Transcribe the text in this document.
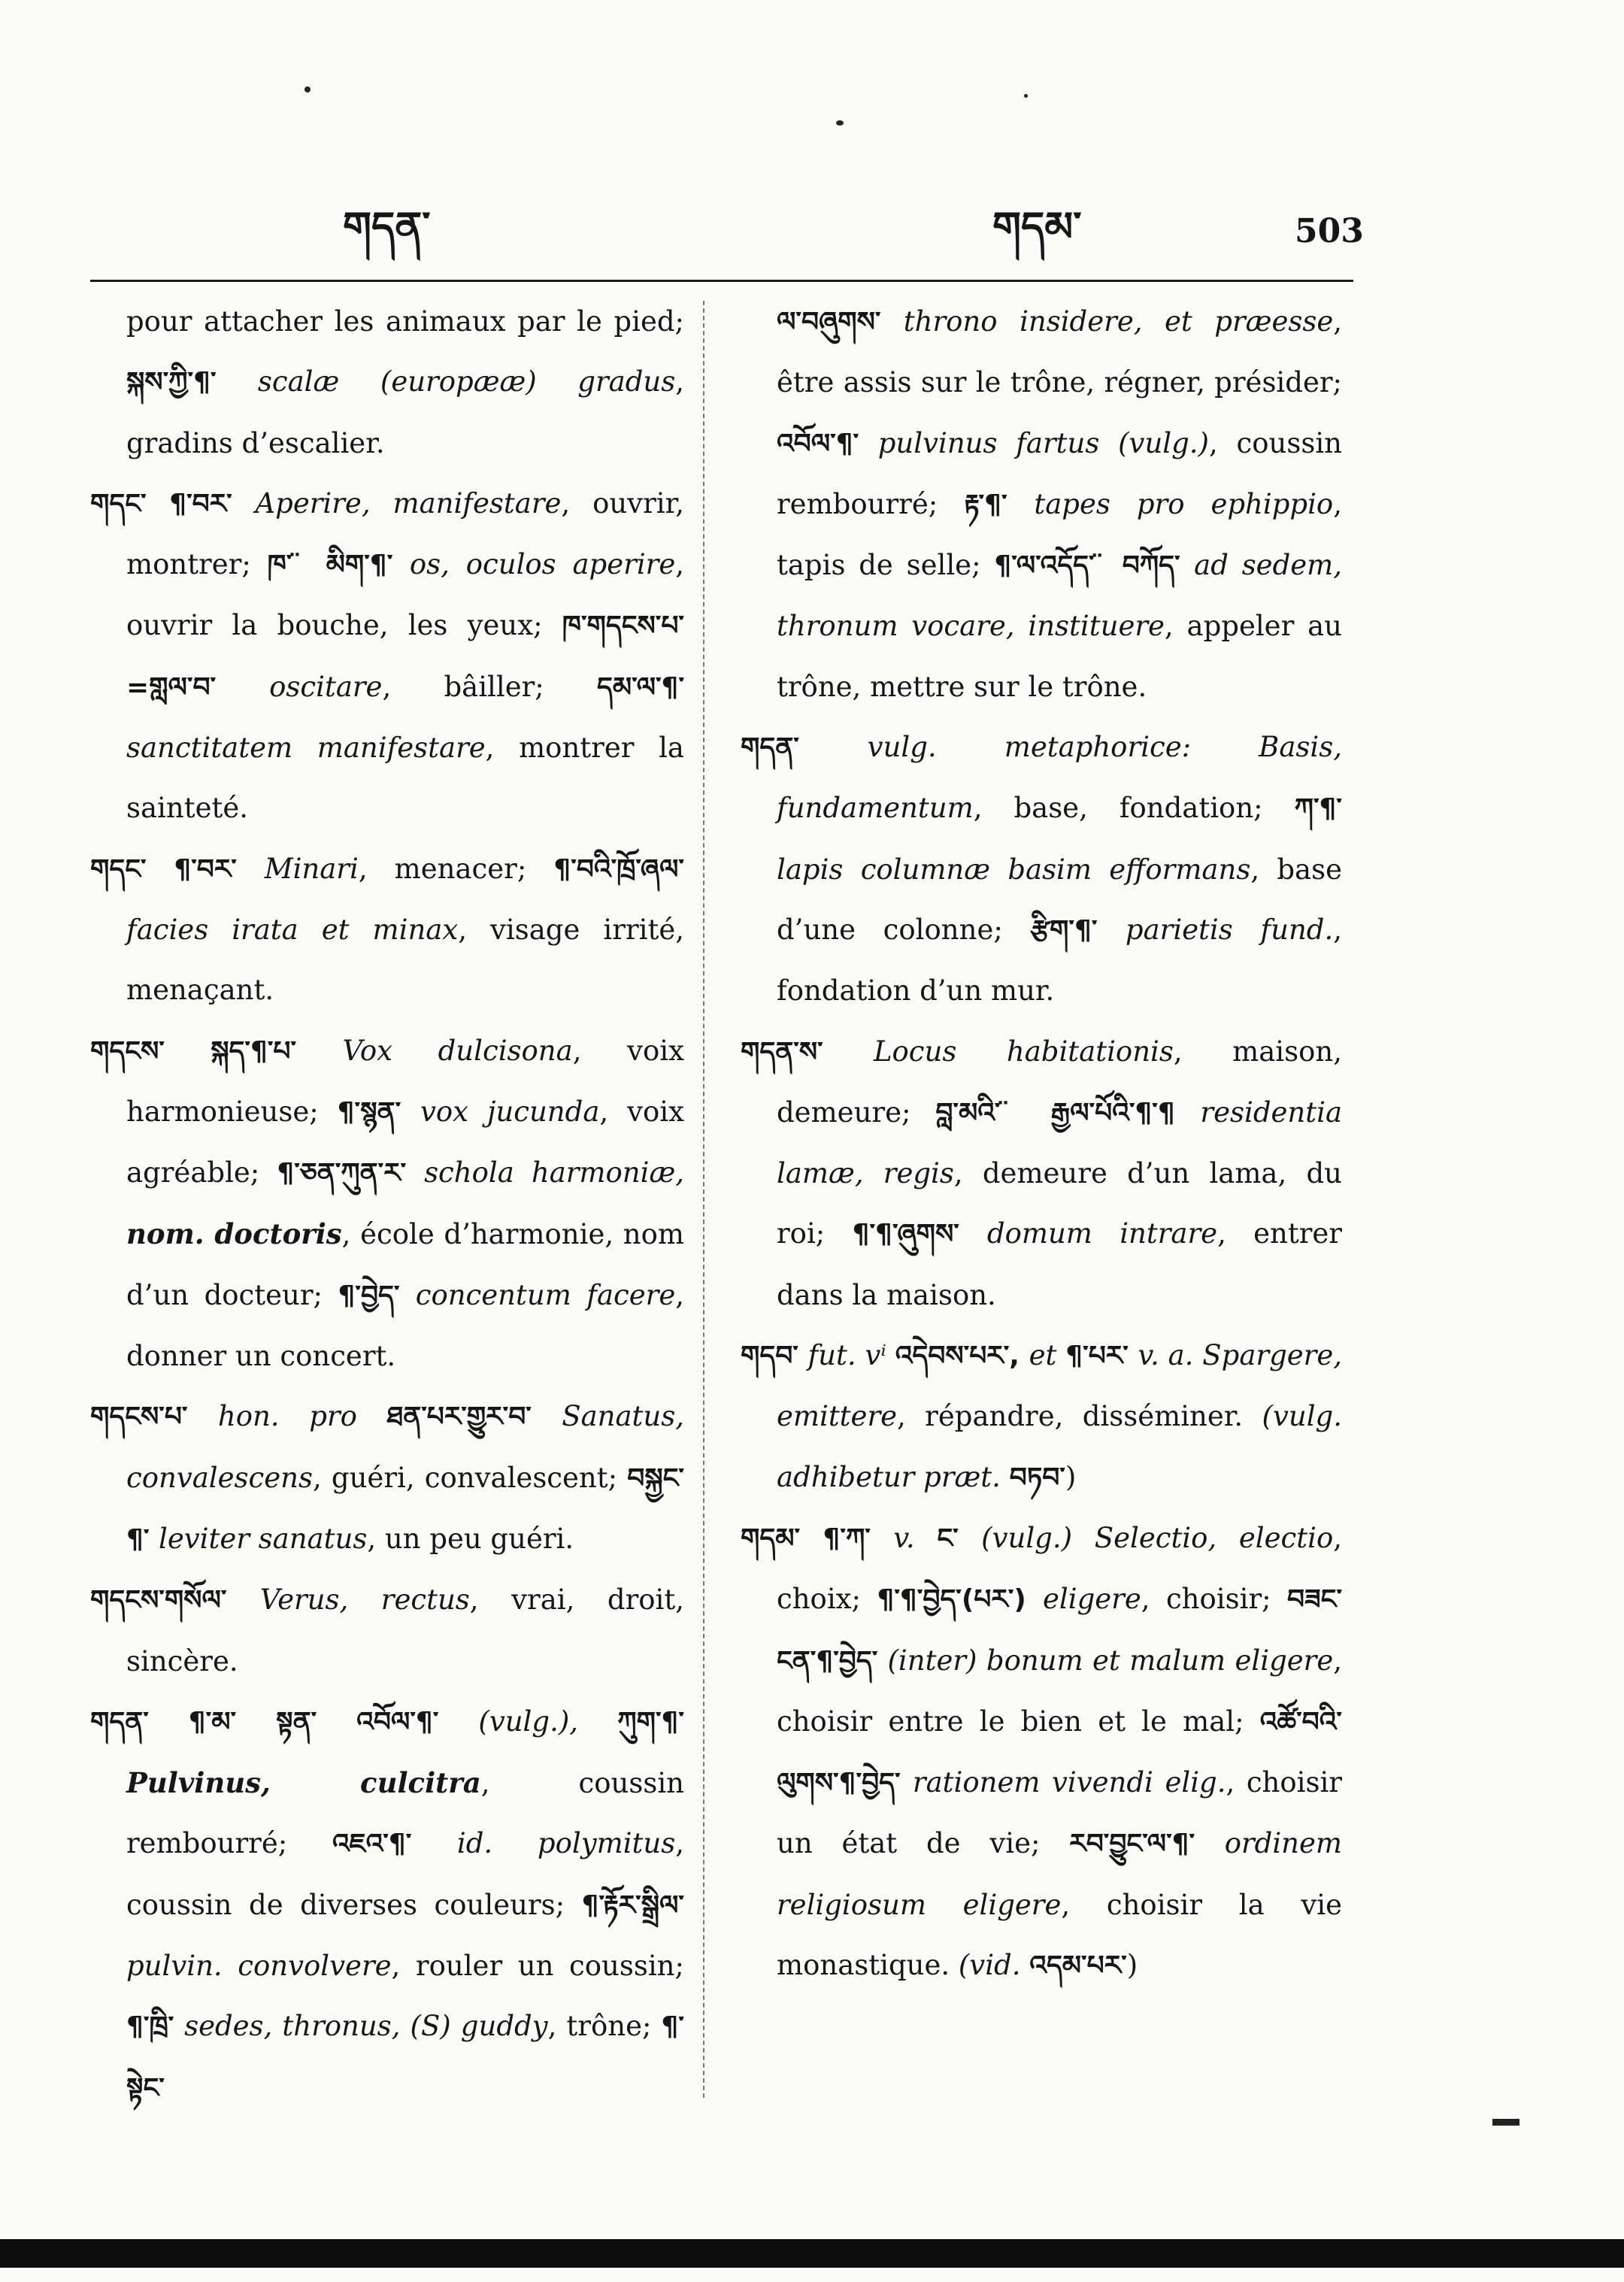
གདན་	གདམ་	503

pour attacher les animaux par le pied; སྐས་ཀྱི་¶་ scalæ (europææ) gradus, gradins d’escalier.

གདང་ ¶་བར་ Aperire, manifestare, ouvrir, montrer; ཁ་ ̈ མིག་¶་ os, oculos aperire, ouvrir la bouche, les yeux; ཁ་གདངས་པ་=གླལ་བ་ oscitare, bâiller; དམ་ལ་¶་ sanctitatem manifestare, montrer la sainteté.

གདང་ ¶་བར་ Minari, menacer; ¶་བའི་ཁྲོ་ཞལ་ facies irata et minax, visage irrité, menaçant.

གདངས་ སྐད་¶་པ་ Vox dulcisona, voix harmonieuse; ¶་སྙན་ vox jucunda, voix agréable; ¶་ཅན་ཀུན་ར་ schola harmoniæ, nom. doctoris, école d’harmonie, nom d’un docteur; ¶་བྱེད་ concentum facere, donner un concert.

གདངས་པ་ hon. pro ཐན་པར་གྱུར་བ་ Sanatus, convalescens, guéri, convalescent; བསྐྱང་¶་ leviter sanatus, un peu guéri.

གདངས་གསོལ་ Verus, rectus, vrai, droit, sincère.

གདན་ ¶་མ་ སྟན་ འབོལ་¶་ (vulg.), ཀུག་¶་ Pulvinus, culcitra, coussin rembourré; འཇའ་¶་ id. polymitus, coussin de diverses couleurs; ¶་རྟོར་སྒྲིལ་ pulvin. convolvere, rouler un coussin; ¶་ཁྲི་ sedes, thronus, (S) guddy, trône; ¶་སྟེང་

ལ་བཞུགས་ throno insidere, et præesse, être assis sur le trône, régner, présider; འབོལ་¶་ pulvinus fartus (vulg.), coussin rembourré; རྟ་¶་ tapes pro ephippio, tapis de selle; ¶་ལ་འདོད་ ̈ བཀོད་ ad sedem, thronum vocare, instituere, appeler au trône, mettre sur le trône.

གདན་ vulg. metaphorice: Basis, fundamentum, base, fondation; ཀ་¶་ lapis columnæ basim efformans, base d’une colonne; རྩིག་¶་ parietis fund., fondation d’un mur.

གདན་ས་ Locus habitationis, maison, demeure; བླ་མའི་ ̈ རྒྱལ་པོའི་¶་¶ residentia lamæ, regis, demeure d’un lama, du roi; ¶་¶་ཞུགས་ domum intrare, entrer dans la maison.

གདབ་ fut. vⁱ འདེབས་པར་, et ¶་པར་ v. a. Spargere, emittere, répandre, disséminer. (vulg. adhibetur præt. བཏབ་)

གདམ་ ¶་ཀ་ v. ང་ (vulg.) Selectio, electio, choix; ¶་¶་བྱེད་(པར་) eligere, choisir; བཟང་ངན་¶་བྱེད་ (inter) bonum et malum eligere, choisir entre le bien et le mal; འཚོ་བའི་ལུགས་¶་བྱེད་ rationem vivendi elig., choisir un état de vie; རབ་བྱུང་ལ་¶་ ordinem religiosum eligere, choisir la vie monastique. (vid. འདམ་པར་)
